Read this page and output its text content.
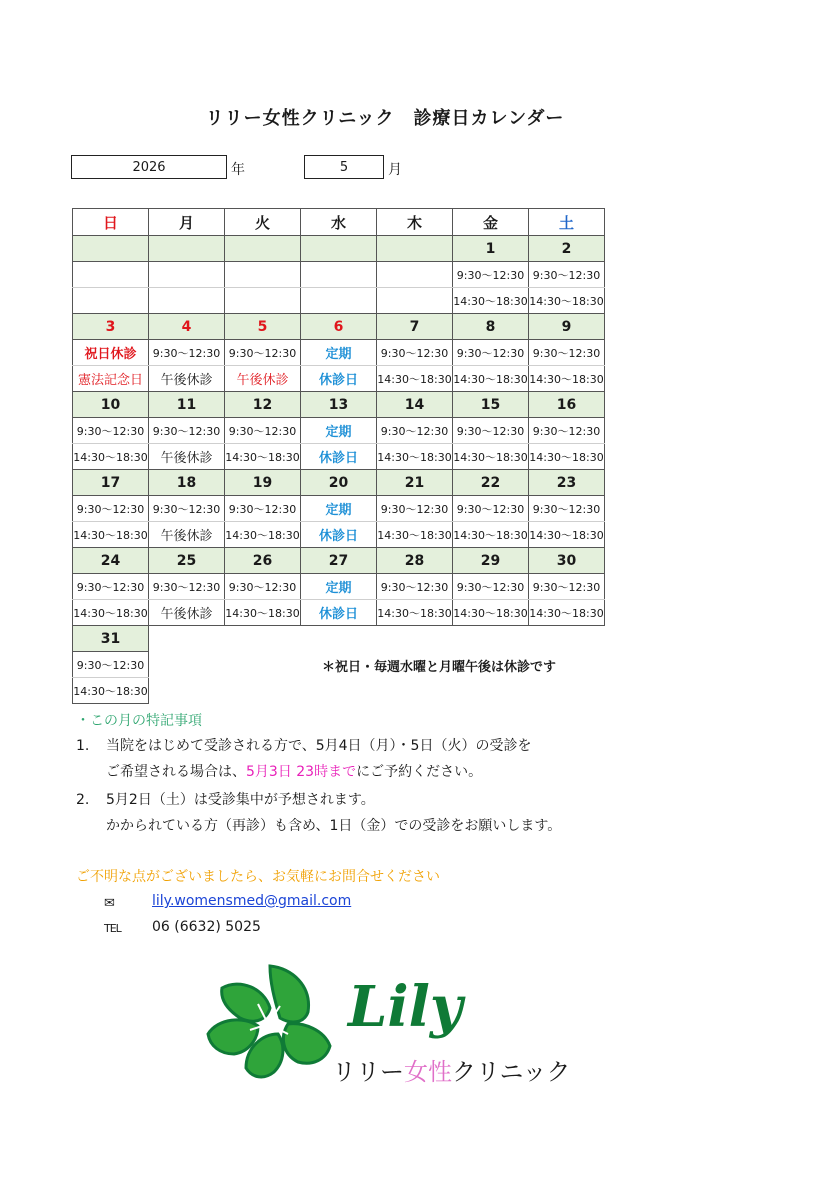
リリー女性クリニック　診療日カレンダー
2026	年	5	月
日	月	火	水	木	金	土
					1	2
					9:30〜12:30	9:30〜12:30
					14:30〜18:30	14:30〜18:30
3	4	5	6	7	8	9
祝日休診	9:30〜12:30	9:30〜12:30	定期	9:30〜12:30	9:30〜12:30	9:30〜12:30
憲法記念日	午後休診	午後休診	休診日	14:30〜18:30	14:30〜18:30	14:30〜18:30
10	11	12	13	14	15	16
9:30〜12:30	9:30〜12:30	9:30〜12:30	定期	9:30〜12:30	9:30〜12:30	9:30〜12:30
14:30〜18:30	午後休診	14:30〜18:30	休診日	14:30〜18:30	14:30〜18:30	14:30〜18:30
17	18	19	20	21	22	23
9:30〜12:30	9:30〜12:30	9:30〜12:30	定期	9:30〜12:30	9:30〜12:30	9:30〜12:30
14:30〜18:30	午後休診	14:30〜18:30	休診日	14:30〜18:30	14:30〜18:30	14:30〜18:30
24	25	26	27	28	29	30
9:30〜12:30	9:30〜12:30	9:30〜12:30	定期	9:30〜12:30	9:30〜12:30	9:30〜12:30
14:30〜18:30	午後休診	14:30〜18:30	休診日	14:30〜18:30	14:30〜18:30	14:30〜18:30
31						
9:30〜12:30						
14:30〜18:30						
＊祝日・毎週水曜と月曜午後は休診です
・この月の特記事項
1. 当院をはじめて受診される方で、5月4日（月）・5日（火）の受診を
ご希望される場合は、5月3日 23時までにご予約ください。
2. 5月2日（土）は受診集中が予想されます。
かかられている方（再診）も含め、1日（金）での受診をお願いします。
ご不明な点がございましたら、お気軽にお問合せください
✉	lily.womensmed@gmail.com
TEL 06 (6632) 5025
Lily
リリー女性クリニック
